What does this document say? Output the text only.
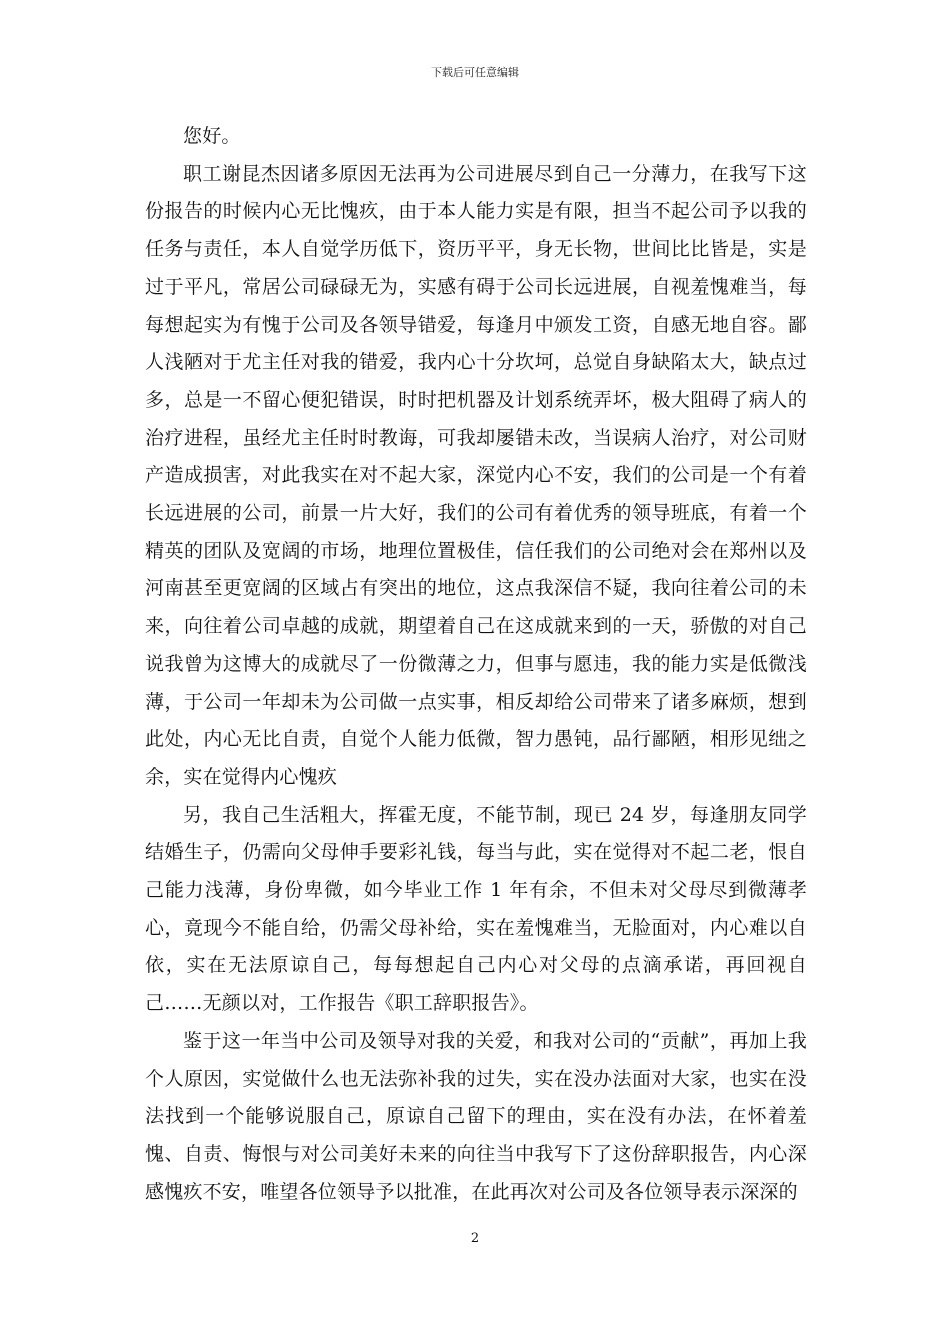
下载后可任意编辑

您好。

职工谢昆杰因诸多原因无法再为公司进展尽到自己一分薄力，在我写下这份报告的时候内心无比愧疚，由于本人能力实是有限，担当不起公司予以我的任务与责任，本人自觉学历低下，资历平平，身无长物，世间比比皆是，实是过于平凡，常居公司碌碌无为，实感有碍于公司长远进展，自视羞愧难当，每每想起实为有愧于公司及各领导错爱，每逢月中颁发工资，自感无地自容。鄙人浅陋对于尤主任对我的错爱，我内心十分坎坷，总觉自身缺陷太大，缺点过多，总是一不留心便犯错误，时时把机器及计划系统弄坏，极大阻碍了病人的治疗进程，虽经尤主任时时教诲，可我却屡错未改，当误病人治疗，对公司财产造成损害，对此我实在对不起大家，深觉内心不安，我们的公司是一个有着长远进展的公司，前景一片大好，我们的公司有着优秀的领导班底，有着一个精英的团队及宽阔的市场，地理位置极佳，信任我们的公司绝对会在郑州以及河南甚至更宽阔的区域占有突出的地位，这点我深信不疑，我向往着公司的未来，向往着公司卓越的成就，期望着自己在这成就来到的一天，骄傲的对自己说我曾为这博大的成就尽了一份微薄之力，但事与愿违，我的能力实是低微浅薄，于公司一年却未为公司做一点实事，相反却给公司带来了诸多麻烦，想到此处，内心无比自责，自觉个人能力低微，智力愚钝，品行鄙陋，相形见绌之余，实在觉得内心愧疚

另，我自己生活粗大，挥霍无度，不能节制，现已 24 岁，每逢朋友同学结婚生子，仍需向父母伸手要彩礼钱，每当与此，实在觉得对不起二老，恨自己能力浅薄，身份卑微，如今毕业工作 1 年有余，不但未对父母尽到微薄孝心，竟现今不能自给，仍需父母补给，实在羞愧难当，无脸面对，内心难以自依，实在无法原谅自己，每每想起自己内心对父母的点滴承诺，再回视自己……无颜以对，工作报告《职工辞职报告》。

鉴于这一年当中公司及领导对我的关爱，和我对公司的“贡献”，再加上我个人原因，实觉做什么也无法弥补我的过失，实在没办法面对大家，也实在没法找到一个能够说服自己，原谅自己留下的理由，实在没有办法，在怀着羞愧、自责、悔恨与对公司美好未来的向往当中我写下了这份辞职报告，内心深感愧疚不安，唯望各位领导予以批准，在此再次对公司及各位领导表示深深的

2
